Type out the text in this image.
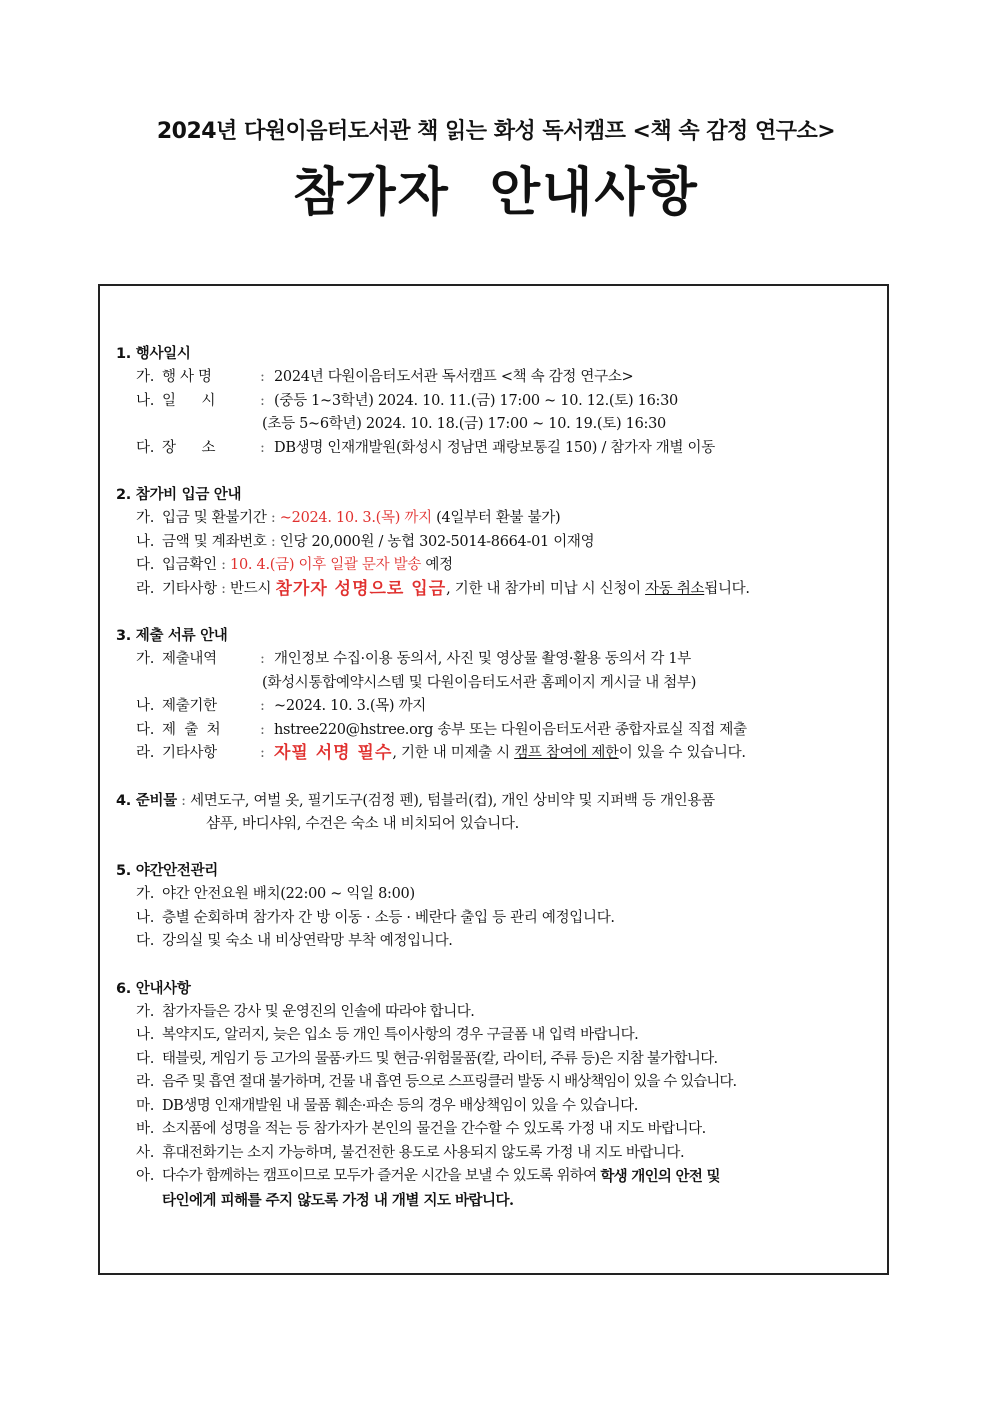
2024년 다원이음터도서관 책 읽는 화성 독서캠프 <책 속 감정 연구소>
참가자 안내사항
1. 행사일시
가. 행 사 명	: 2024년 다원이음터도서관 독서캠프 <책 속 감정 연구소>
나. 일      시	: (중등 1~3학년) 2024. 10. 11.(금) 17:00 ~ 10. 12.(토) 16:30
(초등 5~6학년) 2024. 10. 18.(금) 17:00 ~ 10. 19.(토) 16:30
다. 장      소	: DB생명 인재개발원(화성시 정남면 괘랑보통길 150) / 참가자 개별 이동
2. 참가비 입금 안내
가. 입금 및 환불기간 : ~2024. 10. 3.(목) 까지 (4일부터 환불 불가)
나. 금액 및 계좌번호 : 인당 20,000원 / 농협 302-5014-8664-01 이재영
다. 입금확인 : 10. 4.(금) 이후 일괄 문자 발송 예정
라. 기타사항 : 반드시 참가자 성명으로 입금 , 기한 내 참가비 미납 시 신청이 자동 취소 됩니다.
3. 제출 서류 안내
가. 제출내역	: 개인정보 수집·이용 동의서, 사진 및 영상물 촬영·활용 동의서 각 1부
(화성시통합예약시스템 및 다원이음터도서관 홈페이지 게시글 내 첨부)
나. 제출기한	: ~2024. 10. 3.(목) 까지
다. 제  출  처	: hstree220@hstree.org 송부 또는 다원이음터도서관 종합자료실 직접 제출
라. 기타사항	: 자필 서명 필수 , 기한 내 미제출 시 캠프 참여에 제한 이 있을 수 있습니다.
4. 준비물 : 세면도구, 여벌 옷, 필기도구(검정 펜), 텀블러(컵), 개인 상비약 및 지퍼백 등 개인용품
샴푸, 바디샤워, 수건은 숙소 내 비치되어 있습니다.
5. 야간안전관리
가. 야간 안전요원 배치(22:00 ~ 익일 8:00)
나. 층별 순회하며 참가자 간 방 이동 · 소등 · 베란다 출입 등 관리 예정입니다.
다. 강의실 및 숙소 내 비상연락망 부착 예정입니다.
6. 안내사항
가. 참가자들은 강사 및 운영진의 인솔에 따라야 합니다.
나. 복약지도, 알러지, 늦은 입소 등 개인 특이사항의 경우 구글폼 내 입력 바랍니다.
다. 태블릿, 게임기 등 고가의 물품·카드 및 현금·위험물품(칼, 라이터, 주류 등)은 지참 불가합니다.
라. 음주 및 흡연 절대 불가하며, 건물 내 흡연 등으로 스프링클러 발동 시 배상책임이 있을 수 있습니다.
마. DB생명 인재개발원 내 물품 훼손·파손 등의 경우 배상책임이 있을 수 있습니다.
바. 소지품에 성명을 적는 등 참가자가 본인의 물건을 간수할 수 있도록 가정 내 지도 바랍니다.
사. 휴대전화기는 소지 가능하며, 불건전한 용도로 사용되지 않도록 가정 내 지도 바랍니다.
아. 다수가 함께하는 캠프이므로 모두가 즐거운 시간을 보낼 수 있도록 위하여 학생 개인의 안전 및
타인에게 피해를 주지 않도록 가정 내 개별 지도 바랍니다.
